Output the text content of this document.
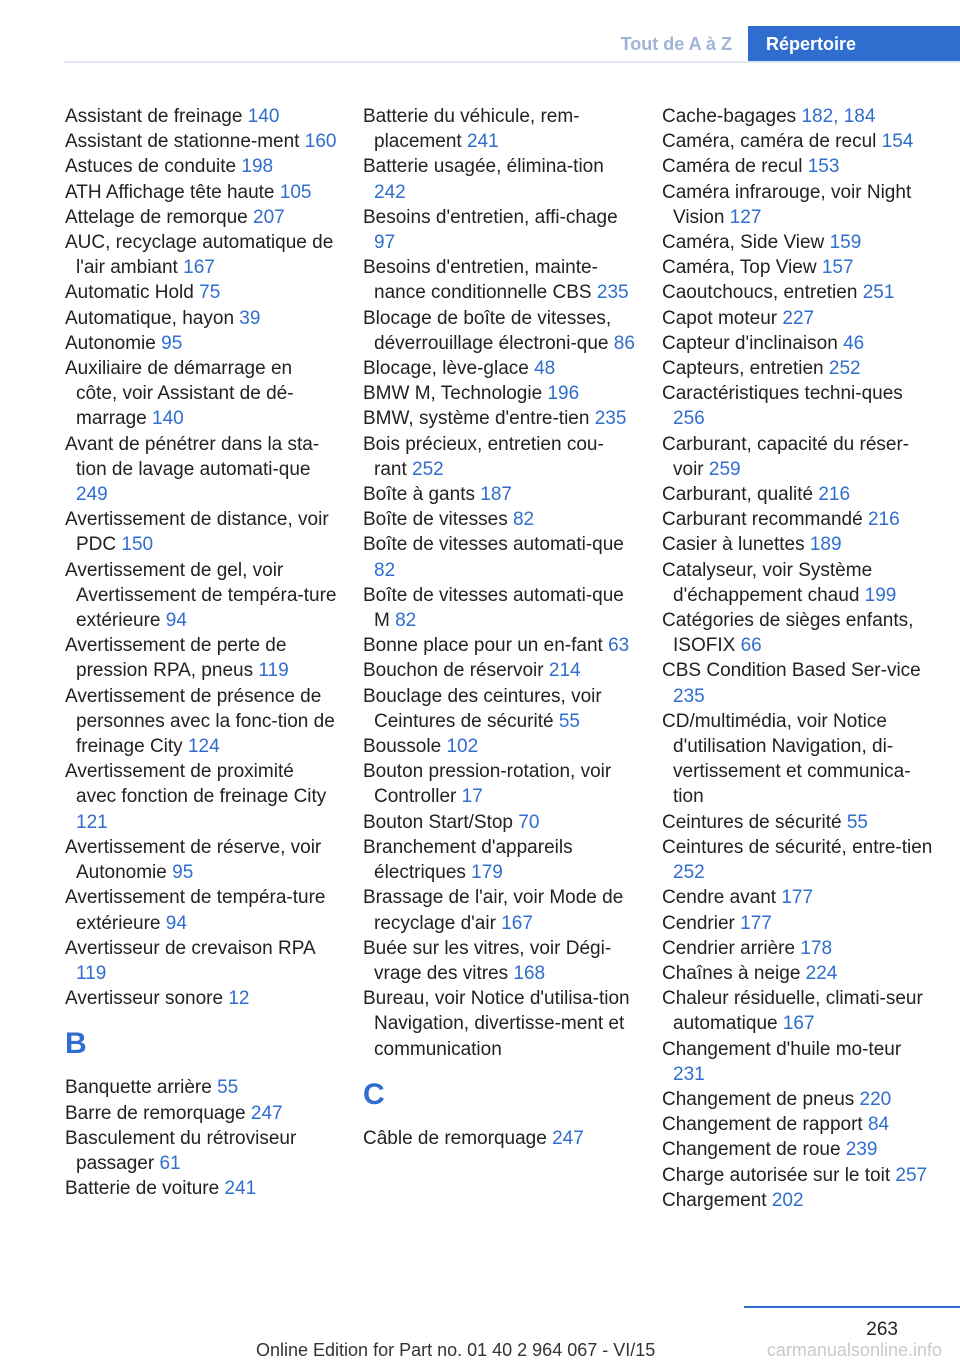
Tout de A à Z	Répertoire
Assistant de freinage 140
Assistant de stationne-ment 160
Astuces de conduite 198
ATH Affichage tête haute 105
Attelage de remorque 207
AUC, recyclage automatique de l'air ambiant 167
Automatic Hold 75
Automatique, hayon 39
Autonomie 95
Auxiliaire de démarrage en côte, voir Assistant de dé-marrage 140
Avant de pénétrer dans la sta-tion de lavage automati-que 249
Avertissement de distance, voir PDC 150
Avertissement de gel, voir Avertissement de tempéra-ture extérieure 94
Avertissement de perte de pression RPA, pneus 119
Avertissement de présence de personnes avec la fonc-tion de freinage City 124
Avertissement de proximité avec fonction de freinage City 121
Avertissement de réserve, voir Autonomie 95
Avertissement de tempéra-ture extérieure 94
Avertisseur de crevaison RPA 119
Avertisseur sonore 12
B
Banquette arrière 55
Barre de remorquage 247
Basculement du rétroviseur passager 61
Batterie de voiture 241
Batterie du véhicule, rem-placement 241
Batterie usagée, élimina-tion 242
Besoins d'entretien, affi-chage 97
Besoins d'entretien, mainte-nance conditionnelle CBS 235
Blocage de boîte de vitesses, déverrouillage électroni-que 86
Blocage, lève-glace 48
BMW M, Technologie 196
BMW, système d'entre-tien 235
Bois précieux, entretien cou-rant 252
Boîte à gants 187
Boîte de vitesses 82
Boîte de vitesses automati-que 82
Boîte de vitesses automati-que M 82
Bonne place pour un en-fant 63
Bouchon de réservoir 214
Bouclage des ceintures, voir Ceintures de sécurité 55
Boussole 102
Bouton pression-rotation, voir Controller 17
Bouton Start/Stop 70
Branchement d'appareils électriques 179
Brassage de l'air, voir Mode de recyclage d'air 167
Buée sur les vitres, voir Dégi-vrage des vitres 168
Bureau, voir Notice d'utilisa-tion Navigation, divertisse-ment et communication
C
Câble de remorquage 247
Cache-bagages 182, 184
Caméra, caméra de recul 154
Caméra de recul 153
Caméra infrarouge, voir Night Vision 127
Caméra, Side View 159
Caméra, Top View 157
Caoutchoucs, entretien 251
Capot moteur 227
Capteur d'inclinaison 46
Capteurs, entretien 252
Caractéristiques techni-ques 256
Carburant, capacité du réser-voir 259
Carburant, qualité 216
Carburant recommandé 216
Casier à lunettes 189
Catalyseur, voir Système d'échappement chaud 199
Catégories de sièges enfants, ISOFIX 66
CBS Condition Based Ser-vice 235
CD/multimédia, voir Notice d'utilisation Navigation, di-vertissement et communica-tion
Ceintures de sécurité 55
Ceintures de sécurité, entre-tien 252
Cendre avant 177
Cendrier 177
Cendrier arrière 178
Chaînes à neige 224
Chaleur résiduelle, climati-seur automatique 167
Changement d'huile mo-teur 231
Changement de pneus 220
Changement de rapport 84
Changement de roue 239
Charge autorisée sur le toit 257
Chargement 202
263
Online Edition for Part no. 01 40 2 964 067 - VI/15	carmanualsonline.info
